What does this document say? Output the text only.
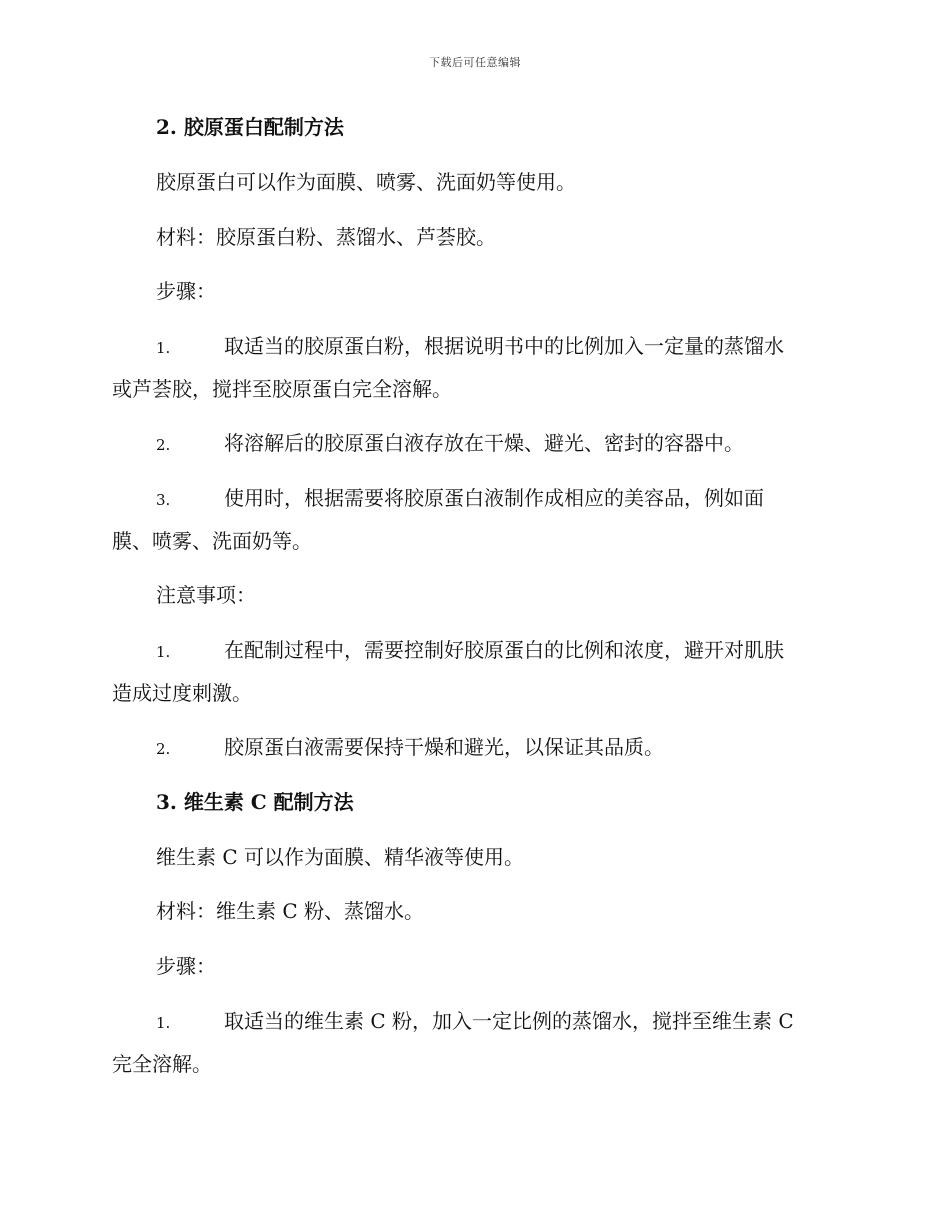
下载后可任意编辑
2. 胶原蛋白配制方法
胶原蛋白可以作为面膜、喷雾、洗面奶等使用。
材料：胶原蛋白粉、蒸馏水、芦荟胶。
步骤：
1.	取适当的胶原蛋白粉，根据说明书中的比例加入一定量的蒸馏水
或芦荟胶，搅拌至胶原蛋白完全溶解。
2.	将溶解后的胶原蛋白液存放在干燥、避光、密封的容器中。
3.	使用时，根据需要将胶原蛋白液制作成相应的美容品，例如面
膜、喷雾、洗面奶等。
注意事项：
1.	在配制过程中，需要控制好胶原蛋白的比例和浓度，避开对肌肤
造成过度刺激。
2.	胶原蛋白液需要保持干燥和避光，以保证其品质。
3. 维生素 C 配制方法
维生素 C 可以作为面膜、精华液等使用。
材料：维生素 C 粉、蒸馏水。
步骤：
1.	取适当的维生素 C 粉，加入一定比例的蒸馏水，搅拌至维生素 C
完全溶解。
